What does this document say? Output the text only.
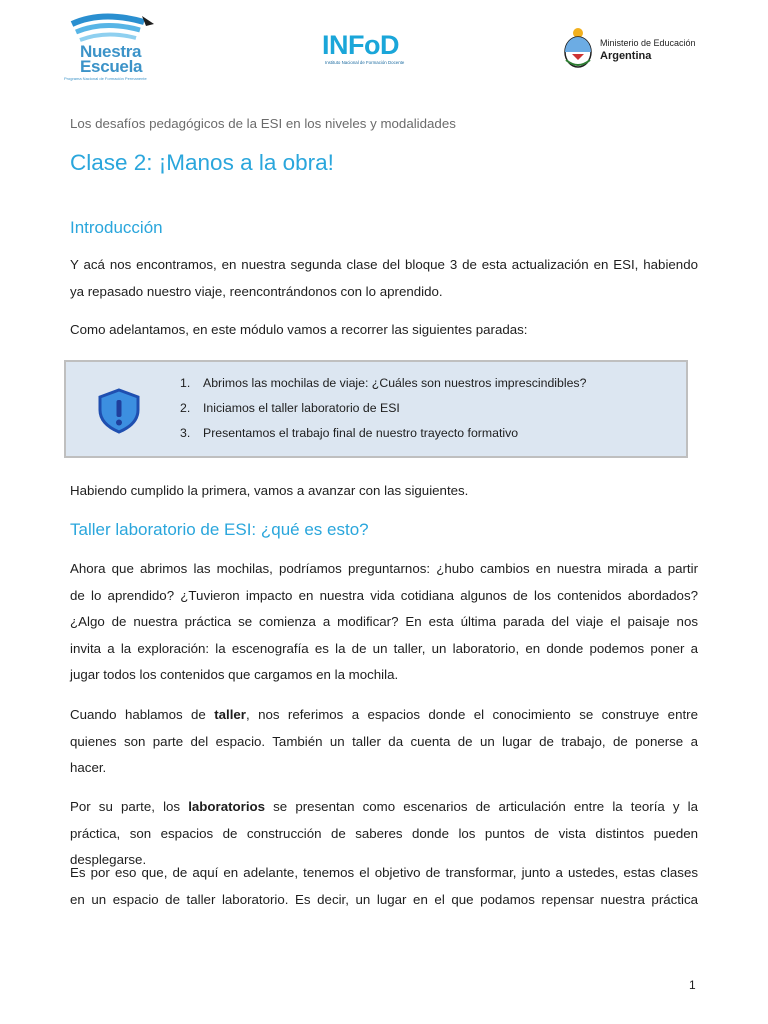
Nuestra
Escuela
Programa Nacional de Formación Permanente
INFoD
Instituto Nacional de Formación Docente
Ministerio de Educación
Argentina
Los desafíos pedagógicos de la ESI en los niveles y modalidades
Clase 2: ¡Manos a la obra!
Introducción
Y acá nos encontramos, en nuestra segunda clase del bloque 3 de esta actualización en ESI, habiendo
ya repasado nuestro viaje, reencontrándonos con lo aprendido.
Como adelantamos, en este módulo vamos a recorrer las siguientes paradas:
1. Abrimos las mochilas de viaje: ¿Cuáles son nuestros imprescindibles?
2. Iniciamos el taller laboratorio de ESI
3. Presentamos el trabajo final de nuestro trayecto formativo
Habiendo cumplido la primera, vamos a avanzar con las siguientes.
Taller laboratorio de ESI: ¿qué es esto?
Ahora que abrimos las mochilas, podríamos preguntarnos: ¿hubo cambios en nuestra mirada a partir
de lo aprendido? ¿Tuvieron impacto en nuestra vida cotidiana algunos de los contenidos abordados?
¿Algo de nuestra práctica se comienza a modificar? En esta última parada del viaje el paisaje nos
invita a la exploración: la escenografía es la de un taller, un laboratorio, en donde podemos poner a
jugar todos los contenidos que cargamos en la mochila.
Cuando hablamos de taller, nos referimos a espacios donde el conocimiento se construye entre
quienes son parte del espacio. También un taller da cuenta de un lugar de trabajo, de ponerse a
hacer.
Por su parte, los laboratorios se presentan como escenarios de articulación entre la teoría y la
práctica, son espacios de construcción de saberes donde los puntos de vista distintos pueden
desplegarse.
Es por eso que, de aquí en adelante, tenemos el objetivo de transformar, junto a ustedes, estas clases
en un espacio de taller laboratorio. Es decir, un lugar en el que podamos repensar nuestra práctica
1
